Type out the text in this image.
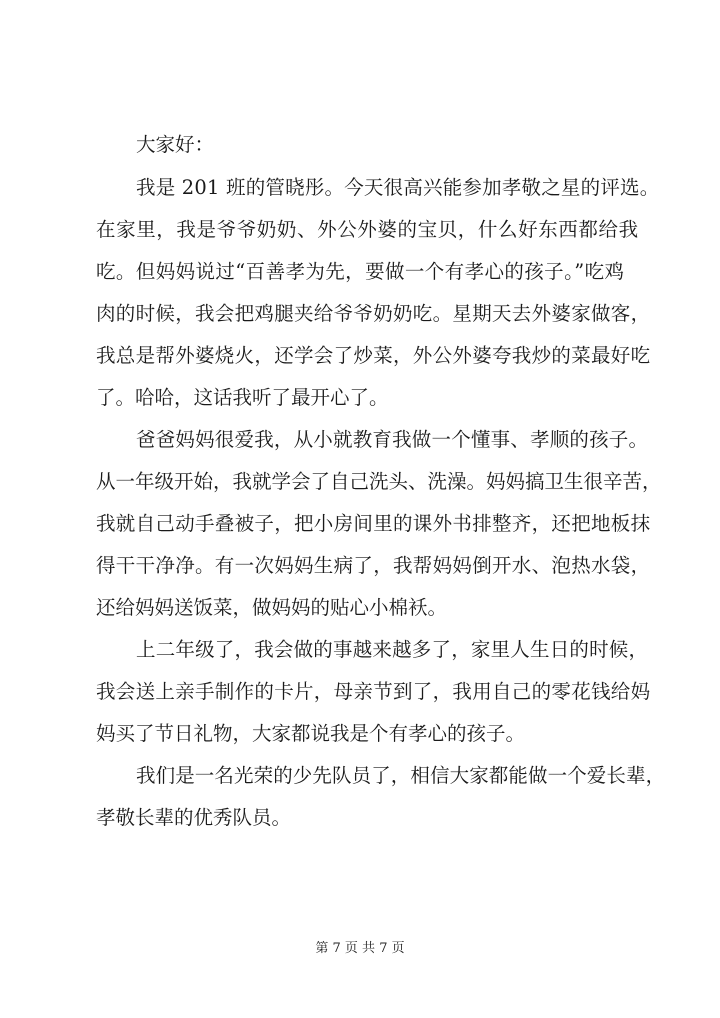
大家好：
我是 201 班的管晓彤。今天很高兴能参加孝敬之星的评选。
在家里，我是爷爷奶奶、外公外婆的宝贝，什么好东西都给我
吃。但妈妈说过“百善孝为先，要做一个有孝心的孩子。”吃鸡
肉的时候，我会把鸡腿夹给爷爷奶奶吃。星期天去外婆家做客，
我总是帮外婆烧火，还学会了炒菜，外公外婆夸我炒的菜最好吃
了。哈哈，这话我听了最开心了。
爸爸妈妈很爱我，从小就教育我做一个懂事、孝顺的孩子。
从一年级开始，我就学会了自己洗头、洗澡。妈妈搞卫生很辛苦，
我就自己动手叠被子，把小房间里的课外书排整齐，还把地板抹
得干干净净。有一次妈妈生病了，我帮妈妈倒开水、泡热水袋，
还给妈妈送饭菜，做妈妈的贴心小棉袄。
上二年级了，我会做的事越来越多了，家里人生日的时候，
我会送上亲手制作的卡片，母亲节到了，我用自己的零花钱给妈
妈买了节日礼物，大家都说我是个有孝心的孩子。
我们是一名光荣的少先队员了，相信大家都能做一个爱长辈，
孝敬长辈的优秀队员。
第 7 页 共 7 页
